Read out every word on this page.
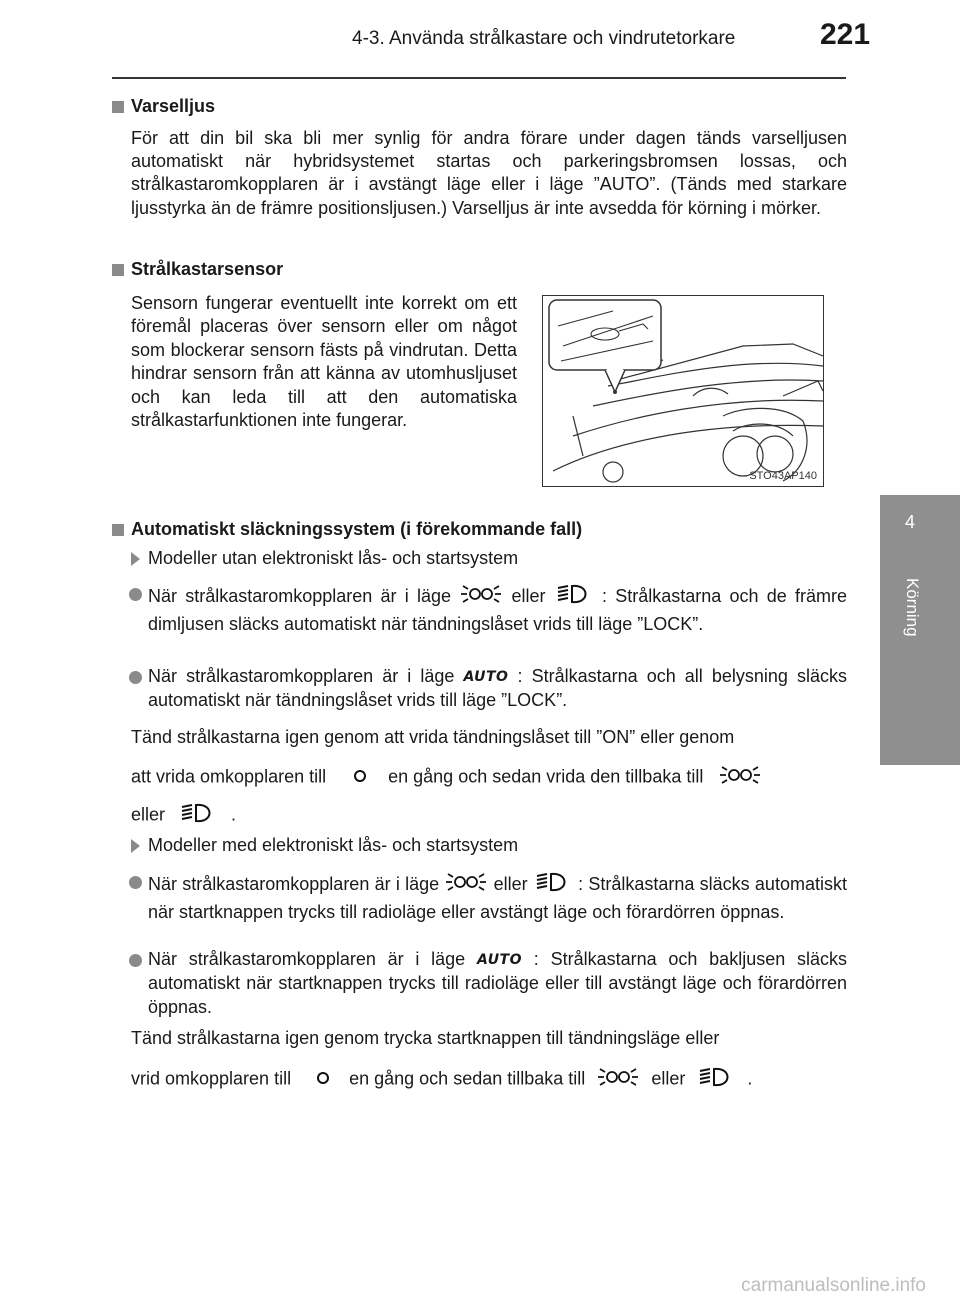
4-3. Använda strålkastare och vindrutetorkare	221
4
Körning
Varselljus
För att din bil ska bli mer synlig för andra förare under dagen tänds varselljusen automatiskt när hybridsystemet startas och parkeringsbromsen lossas, och strålkastaromkopplaren är i avstängt läge eller i läge ”AUTO”. (Tänds med starkare ljusstyrka än de främre positionsljusen.) Varselljus är inte avsedda för körning i mörker.
Strålkastarsensor
Sensorn fungerar eventuellt inte korrekt om ett föremål placeras över sensorn eller om något som blockerar sensorn fästs på vindrutan. Detta hindrar sensorn från att känna av utomhusljuset och kan leda till att den automatiska strålkastarfunktionen inte fungerar.
STO43AP140
Automatiskt släckningssystem (i förekommande fall)
Modeller utan elektroniskt lås- och startsystem
När strålkastaromkopplaren är i läge	eller	: Strålkastarna och de främre dimljusen släcks automatiskt när tändningslåset vrids till läge ”LOCK”.
När strålkastaromkopplaren är i läge AUTO : Strålkastarna och all belysning släcks automatiskt när tändningslåset vrids till läge ”LOCK”.
Tänd strålkastarna igen genom att vrida tändningslåset till ”ON” eller genom
att vrida omkopplaren till	en gång och sedan vrida den tillbaka till
eller	.
Modeller med elektroniskt lås- och startsystem
När strålkastaromkopplaren är i läge	eller	: Strålkastarna släcks automatiskt när startknappen trycks till radioläge eller avstängt läge och förardörren öppnas.
När strålkastaromkopplaren är i läge AUTO : Strålkastarna och bakljusen släcks automatiskt när startknappen trycks till radioläge eller till avstängt läge och förardörren öppnas.
Tänd strålkastarna igen genom trycka startknappen till tändningsläge eller
vrid omkopplaren till	en gång och sedan tillbaka till	eller	.
carmanualsonline.info
